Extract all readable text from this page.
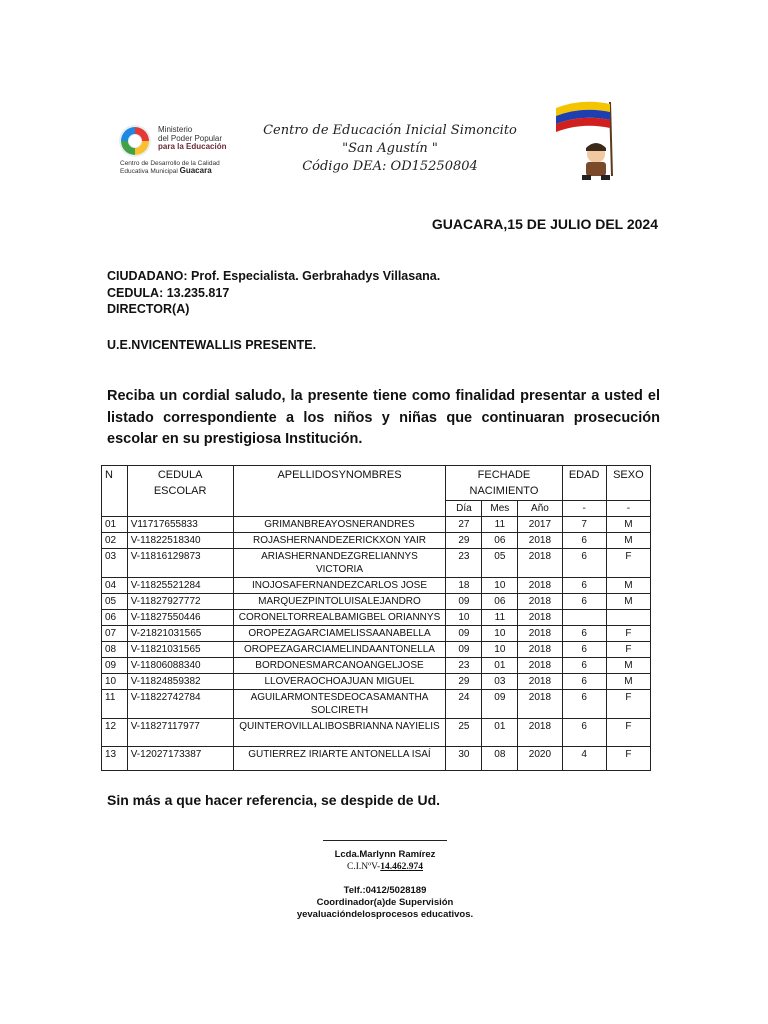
Ministerio
del Poder Popular
para la Educación
Centro de Desarrollo de la Calidad
Educativa Municipal Guacara
Centro de Educación Inicial Simoncito
"San Agustín "
Código DEA: OD15250804
GUACARA,15 DE JULIO DEL 2024
CIUDADANO: Prof. Especialista. Gerbrahadys Villasana.
CEDULA: 13.235.817
DIRECTOR(A)
U.E.NVICENTEWALLIS PRESENTE.
Reciba un cordial saludo, la presente tiene como finalidad presentar a usted el listado correspondiente a los niños y niñas que continuaran prosecución escolar en su prestigiosa Institución.
N	CEDULA ESCOLAR	APELLIDOSYNOMBRES	FECHADE NACIMIENTO			EDAD	SEXO
			Día	Mes	Año	-	-
01	V11717655833	GRIMANBREAYOSNERANDRES	27	11	2017	7	M
02	V-11822518340	ROJASHERNANDEZERICKXON YAIR	29	06	2018	6	M
03	V-11816129873	ARIASHERNANDEZGRELIANNYS VICTORIA	23	05	2018	6	F
04	V-11825521284	INOJOSAFERNANDEZCARLOS JOSE	18	10	2018	6	M
05	V-11827927772	MARQUEZPINTOLUISALEJANDRO	09	06	2018	6	M
06	V-11827550446	CORONELTORREALBAMIGBEL ORIANNYS	10	11	2018		
07	V-21821031565	OROPEZAGARCIAMELISSAANABELLA	09	10	2018	6	F
08	V-11821031565	OROPEZAGARCIAMELINDAANTONELLA	09	10	2018	6	F
09	V-11806088340	BORDONESMARCANOANGELJOSE	23	01	2018	6	M
10	V-11824859382	LLOVERAOCHOAJUAN MIGUEL	29	03	2018	6	M
11	V-11822742784	AGUILARMONTESDEOCASAMANTHA SOLCIRETH	24	09	2018	6	F
12	V-11827117977	QUINTEROVILLALIBOSBRIANNA NAYIELIS	25	01	2018	6	F
13	V-12027173387	GUTIERREZ IRIARTE ANTONELLA ISAÍ	30	08	2020	4	F
Sin más a que hacer referencia, se despide de Ud.
Lcda.Marlynn Ramírez
C.I.NºV-14.462.974
Telf.:0412/5028189
Coordinador(a)de Supervisión
yevaluacióndelosprocesos educativos.
